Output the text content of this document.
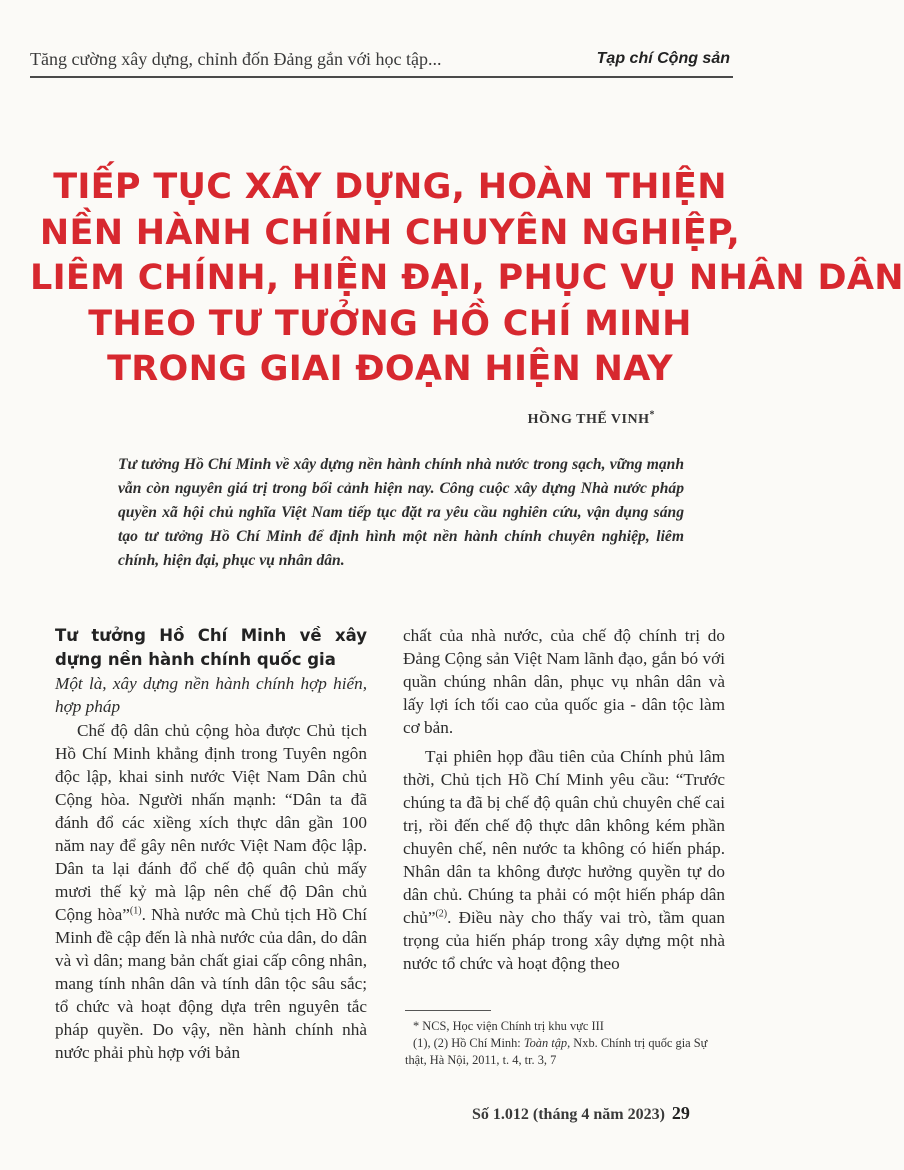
Tăng cường xây dựng, chỉnh đốn Đảng gắn với học tập...	Tạp chí Cộng sản
TIẾP TỤC XÂY DỰNG, HOÀN THIỆN
NỀN HÀNH CHÍNH CHUYÊN NGHIỆP,
LIÊM CHÍNH, HIỆN ĐẠI, PHỤC VỤ NHÂN DÂN
THEO TƯ TƯỞNG HỒ CHÍ MINH
TRONG GIAI ĐOẠN HIỆN NAY
HỒNG THẾ VINH*
Tư tưởng Hồ Chí Minh về xây dựng nền hành chính nhà nước trong sạch, vững mạnh vẫn còn nguyên giá trị trong bối cảnh hiện nay. Công cuộc xây dựng Nhà nước pháp quyền xã hội chủ nghĩa Việt Nam tiếp tục đặt ra yêu cầu nghiên cứu, vận dụng sáng tạo tư tưởng Hồ Chí Minh để định hình một nền hành chính chuyên nghiệp, liêm chính, hiện đại, phục vụ nhân dân.

Tư tưởng Hồ Chí Minh về xây dựng nền hành chính quốc gia

Một là, xây dựng nền hành chính hợp hiến, hợp pháp

Chế độ dân chủ cộng hòa được Chủ tịch Hồ Chí Minh khẳng định trong Tuyên ngôn độc lập, khai sinh nước Việt Nam Dân chủ Cộng hòa. Người nhấn mạnh: “Dân ta đã đánh đổ các xiềng xích thực dân gần 100 năm nay để gây nên nước Việt Nam độc lập. Dân ta lại đánh đổ chế độ quân chủ mấy mươi thế kỷ mà lập nên chế độ Dân chủ Cộng hòa”$^{(1)}$. Nhà nước mà Chủ tịch Hồ Chí Minh đề cập đến là nhà nước của dân, do dân và vì dân; mang bản chất giai cấp công nhân, mang tính nhân dân và tính dân tộc sâu sắc; tổ chức và hoạt động dựa trên nguyên tắc pháp quyền. Do vậy, nền hành chính nhà nước phải phù hợp với bản

chất của nhà nước, của chế độ chính trị do Đảng Cộng sản Việt Nam lãnh đạo, gắn bó với quần chúng nhân dân, phục vụ nhân dân và lấy lợi ích tối cao của quốc gia - dân tộc làm cơ bản.

Tại phiên họp đầu tiên của Chính phủ lâm thời, Chủ tịch Hồ Chí Minh yêu cầu: “Trước chúng ta đã bị chế độ quân chủ chuyên chế cai trị, rồi đến chế độ thực dân không kém phần chuyên chế, nên nước ta không có hiến pháp. Nhân dân ta không được hưởng quyền tự do dân chủ. Chúng ta phải có một hiến pháp dân chủ”$^{(2)}$. Điều này cho thấy vai trò, tầm quan trọng của hiến pháp trong xây dựng một nhà nước tổ chức và hoạt động theo

* NCS, Học viện Chính trị khu vực III

(1), (2) Hồ Chí Minh: Toàn tập, Nxb. Chính trị quốc gia Sự thật, Hà Nội, 2011, t. 4, tr. 3, 7

Số 1.012 (tháng 4 năm 2023) 29
